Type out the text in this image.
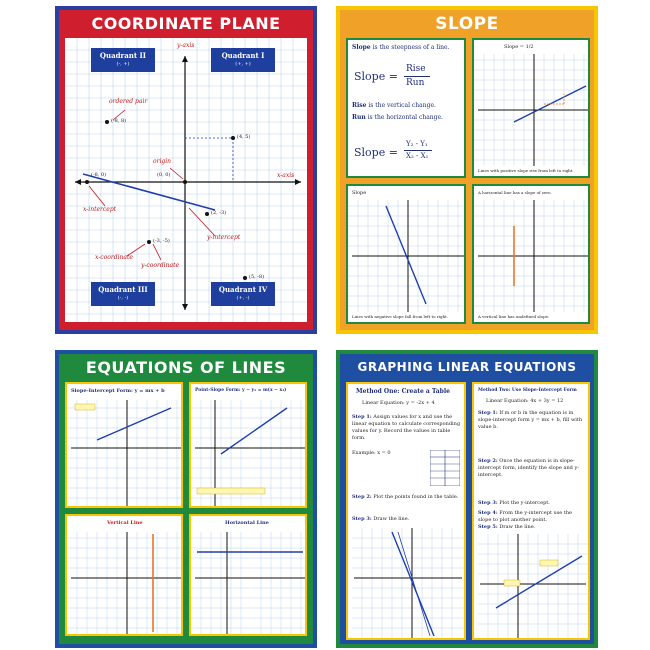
COORDINATE PLANE
Quadrant II
(-, +)
Quadrant I
(+, +)
Quadrant III
(-, -)
Quadrant IV
(+, -)
y-axis
x-axis
ordered pair
origin
x-intercept
y-intercept
x-coordinate
y-coordinate
(-8, 8)
(4, 5)
(-8, 0)	(0, 0)
(-3, -5)
(5, -8)
(2, -3)
SLOPE
Slope is the steepness of a line.
Slope =
Rise
Run
Rise is the vertical change.
Run is the horizontal change.
Slope =
Y₂ - Y₁
X₂ - X₁
Slope = 1/2
Lines with positive slope rise from left to right.
Slope
Lines with negative slope fall from left to right.
A horizontal line has a slope of zero.
A vertical line has undefined slope.
EQUATIONS OF LINES
Slope-Intercept Form: y = mx + b	Point-Slope Form: y − y₁ = m(x − x₁)
Vertical Line	Horizontal Line
GRAPHING LINEAR EQUATIONS
Method One: Create a Table
Linear Equation: y = -2x + 4
Step 1: Assign values for x and use the linear equation to calculate corresponding values for y. Record the values in table form.
Example: x = 0
Step 2: Plot the points found in the table.
Step 3: Draw the line.
Method Two: Use Slope-Intercept Form
Linear Equation: 4x + 3y = 12
Step 1: If m or b in the equation is in slope-intercept form y = mx + b, fill with value b.
Step 2: Once the equation is in slope-intercept form, identify the slope and y-intercept.
Step 3: Plot the y-intercept.
Step 4: From the y-intercept use the slope to plot another point.
Step 5: Draw the line.
